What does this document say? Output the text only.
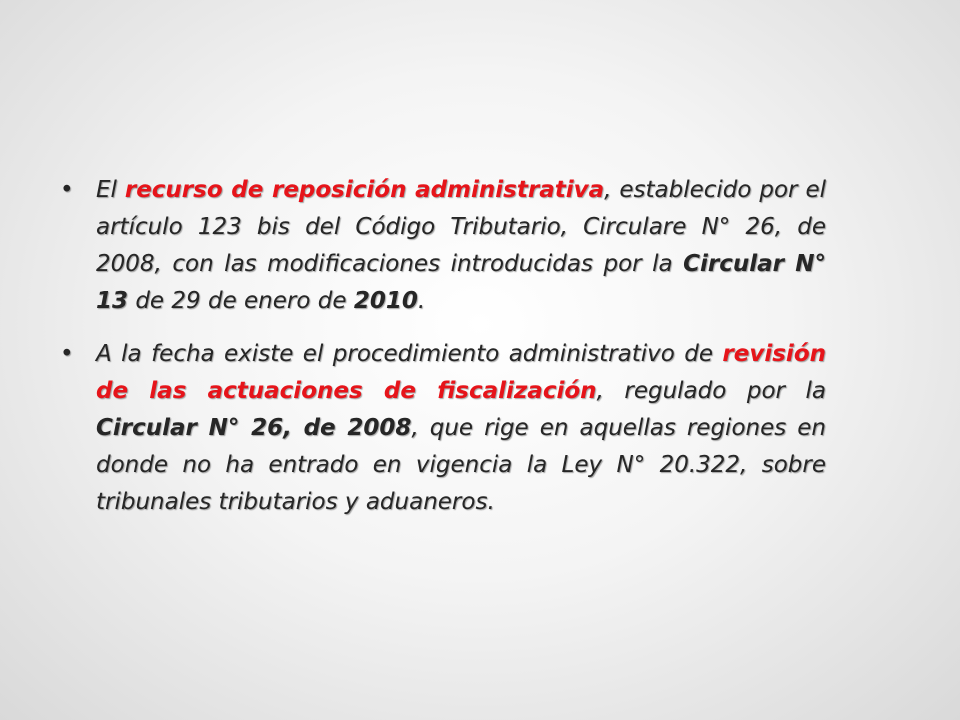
• El recurso de reposición administrativa, establecido por el artículo 123 bis del Código Tributario, Circulare N° 26, de 2008, con las modificaciones introducidas por la Circular N° 13 de 29 de enero de 2010.

• A la fecha existe el procedimiento administrativo de revisión de las actuaciones de fiscalización, regulado por la Circular N° 26, de 2008, que rige en aquellas regiones en donde no ha entrado en vigencia la Ley N° 20.322, sobre tribunales tributarios y aduaneros.
